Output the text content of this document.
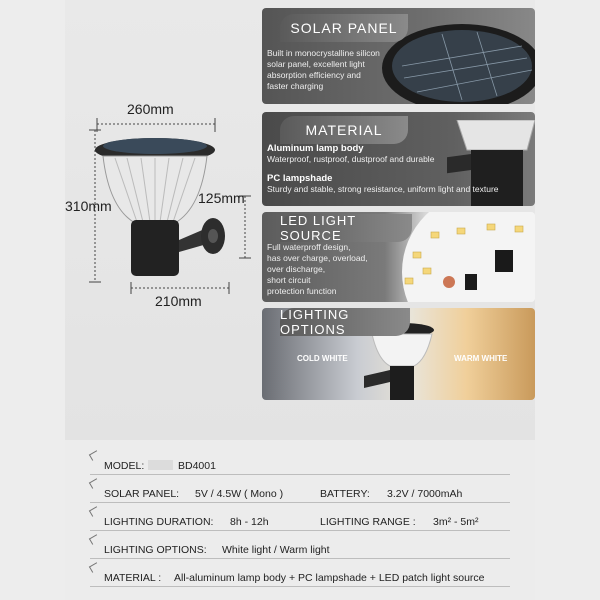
260mm
310mm	125mm
210mm
SOLAR PANEL
Built in monocrystalline silicon
solar panel, excellent light
absorption efficiency and
faster charging
MATERIAL
Aluminum lamp body
Waterproof, rustproof, dustproof and durable
PC lampshade
Sturdy and stable, strong resistance, uniform light and texture
LED LIGHT SOURCE
Full waterproff design,
has over charge, overload,
over discharge,
short circuit
protection function
LIGHTING OPTIONS
COLD WHITE	WARM WHITE
MODEL:	BD4001
SOLAR PANEL: 5V / 4.5W ( Mono )	BATTERY: 3.2V / 7000mAh
LIGHTING DURATION: 8h - 12h	LIGHTING RANGE : 3m² - 5m²
LIGHTING OPTIONS: White light / Warm light
MATERIAL : All-aluminum lamp body + PC lampshade + LED patch light source
